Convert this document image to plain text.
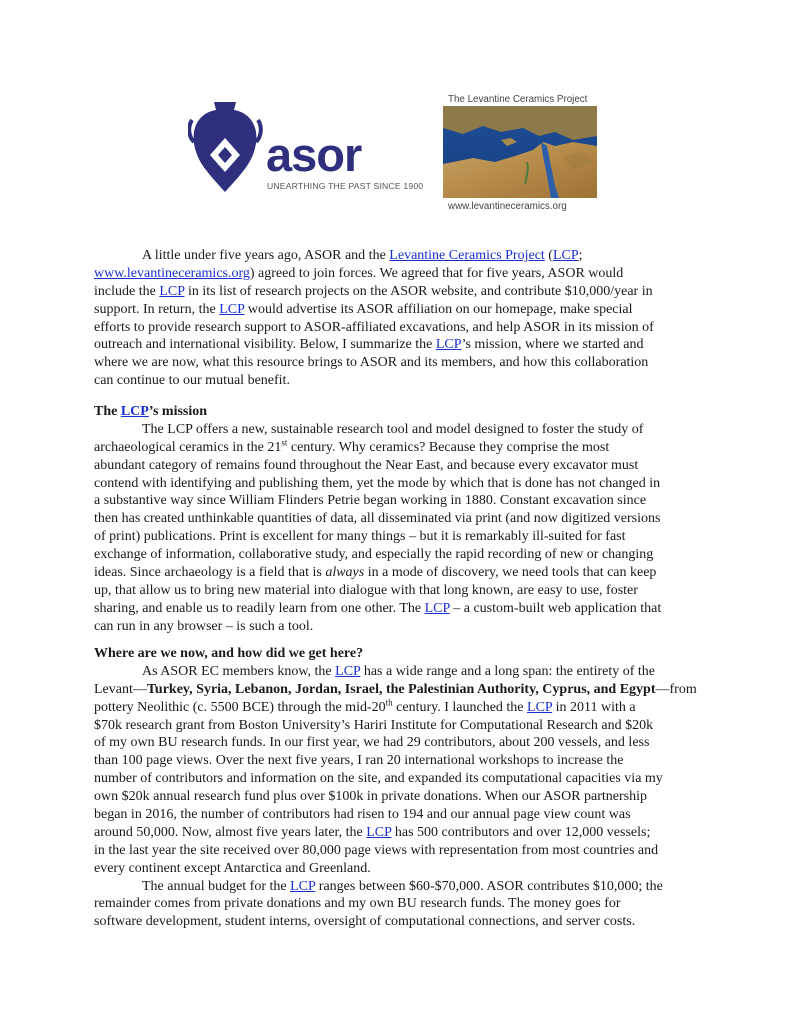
asor
UNEARTHING THE PAST SINCE 1900
The Levantine Ceramics Project
www.levantineceramics.org
A little under five years ago, ASOR and the Levantine Ceramics Project (LCP;
www.levantineceramics.org) agreed to join forces. We agreed that for five years, ASOR would
include the LCP in its list of research projects on the ASOR website, and contribute $10,000/year in
support. In return, the LCP would advertise its ASOR affiliation on our homepage, make special
efforts to provide research support to ASOR-affiliated excavations, and help ASOR in its mission of
outreach and international visibility. Below, I summarize the LCP’s mission, where we started and
where we are now, what this resource brings to ASOR and its members, and how this collaboration
can continue to our mutual benefit.
The LCP’s mission
The LCP offers a new, sustainable research tool and model designed to foster the study of
archaeological ceramics in the 21st century. Why ceramics? Because they comprise the most
abundant category of remains found throughout the Near East, and because every excavator must
contend with identifying and publishing them, yet the mode by which that is done has not changed in
a substantive way since William Flinders Petrie began working in 1880. Constant excavation since
then has created unthinkable quantities of data, all disseminated via print (and now digitized versions
of print) publications. Print is excellent for many things – but it is remarkably ill-suited for fast
exchange of information, collaborative study, and especially the rapid recording of new or changing
ideas. Since archaeology is a field that is always in a mode of discovery, we need tools that can keep
up, that allow us to bring new material into dialogue with that long known, are easy to use, foster
sharing, and enable us to readily learn from one other. The LCP – a custom-built web application that
can run in any browser – is such a tool.
Where are we now, and how did we get here?
As ASOR EC members know, the LCP has a wide range and a long span: the entirety of the
Levant—Turkey, Syria, Lebanon, Jordan, Israel, the Palestinian Authority, Cyprus, and Egypt—from
pottery Neolithic (c. 5500 BCE) through the mid-20th century. I launched the LCP in 2011 with a
$70k research grant from Boston University’s Hariri Institute for Computational Research and $20k
of my own BU research funds. In our first year, we had 29 contributors, about 200 vessels, and less
than 100 page views. Over the next five years, I ran 20 international workshops to increase the
number of contributors and information on the site, and expanded its computational capacities via my
own $20k annual research fund plus over $100k in private donations. When our ASOR partnership
began in 2016, the number of contributors had risen to 194 and our annual page view count was
around 50,000. Now, almost five years later, the LCP has 500 contributors and over 12,000 vessels;
in the last year the site received over 80,000 page views with representation from most countries and
every continent except Antarctica and Greenland.
The annual budget for the LCP ranges between $60-$70,000. ASOR contributes $10,000; the
remainder comes from private donations and my own BU research funds. The money goes for
software development, student interns, oversight of computational connections, and server costs.
